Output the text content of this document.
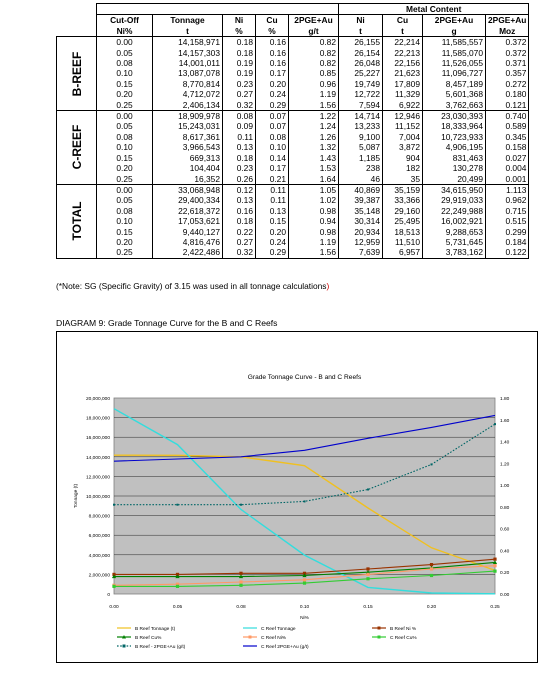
						Metal Content			
	Cut-Off	Tonnage	Ni	Cu	2PGE+Au	Ni	Cu	2PGE+Au	2PGE+Au
	Ni%	t	%	%	g/t	t	t	g	Moz

B-REEF	0.00	14,158,971	0.18	0.16	0.82	26,155	22,214	11,585,557	0.372
	0.05	14,157,303	0.18	0.16	0.82	26,154	22,213	11,585,070	0.372
	0.08	14,001,011	0.19	0.16	0.82	26,048	22,156	11,526,055	0.371
	0.10	13,087,078	0.19	0.17	0.85	25,227	21,623	11,096,727	0.357
	0.15	8,770,814	0.23	0.20	0.96	19,749	17,809	8,457,189	0.272
	0.20	4,712,072	0.27	0.24	1.19	12,722	11,329	5,601,368	0.180
	0.25	2,406,134	0.32	0.29	1.56	7,594	6,922	3,762,663	0.121

C-REEF	0.00	18,909,978	0.08	0.07	1.22	14,714	12,946	23,030,393	0.740
	0.05	15,243,031	0.09	0.07	1.24	13,233	11,152	18,333,964	0.589
	0.08	8,617,361	0.11	0.08	1.26	9,100	7,004	10,723,933	0.345
	0.10	3,966,543	0.13	0.10	1.32	5,087	3,872	4,906,195	0.158
	0.15	669,313	0.18	0.14	1.43	1,185	904	831,463	0.027
	0.20	104,404	0.23	0.17	1.53	238	182	130,278	0.004
	0.25	16,352	0.26	0.21	1.64	46	35	20,499	0.001

TOTAL	0.00	33,068,948	0.12	0.11	1.05	40,869	35,159	34,615,950	1.113
	0.05	29,400,334	0.13	0.11	1.02	39,387	33,366	29,919,033	0.962
	0.08	22,618,372	0.16	0.13	0.98	35,148	29,160	22,249,988	0.715
	0.10	17,053,621	0.18	0.15	0.94	30,314	25,495	16,002,921	0.515
	0.15	9,440,127	0.22	0.20	0.98	20,934	18,513	9,288,653	0.299
	0.20	4,816,476	0.27	0.24	1.19	12,959	11,510	5,731,645	0.184
	0.25	2,422,486	0.32	0.29	1.56	7,639	6,957	3,783,162	0.122
(*Note: SG (Specific Gravity) of 3.15 was used in all tonnage calculations)
DIAGRAM 9: Grade Tonnage Curve for the B and C Reefs
Grade Tonnage Curve - B and C Reefs
0
2,000,000
4,000,000
6,000,000
8,000,000
10,000,000
12,000,000
14,000,000
16,000,000
18,000,000
20,000,000
0.00
0.20
0.40
0.60
0.80
1.00
1.20
1.40
1.60
1.80
0.00	0.05	0.08	0.10	0.15	0.20	0.25
Ni%
Tonnage (t)
B Reef Tonnage (t)	C Reef Tonnage	B Reef Ni %
B Reef Cu%	C Reef Ni%	C Reef Cu%
B Reef - 2PGE+Au (g/t)	C Reef 2PGE+Au (g/t)
